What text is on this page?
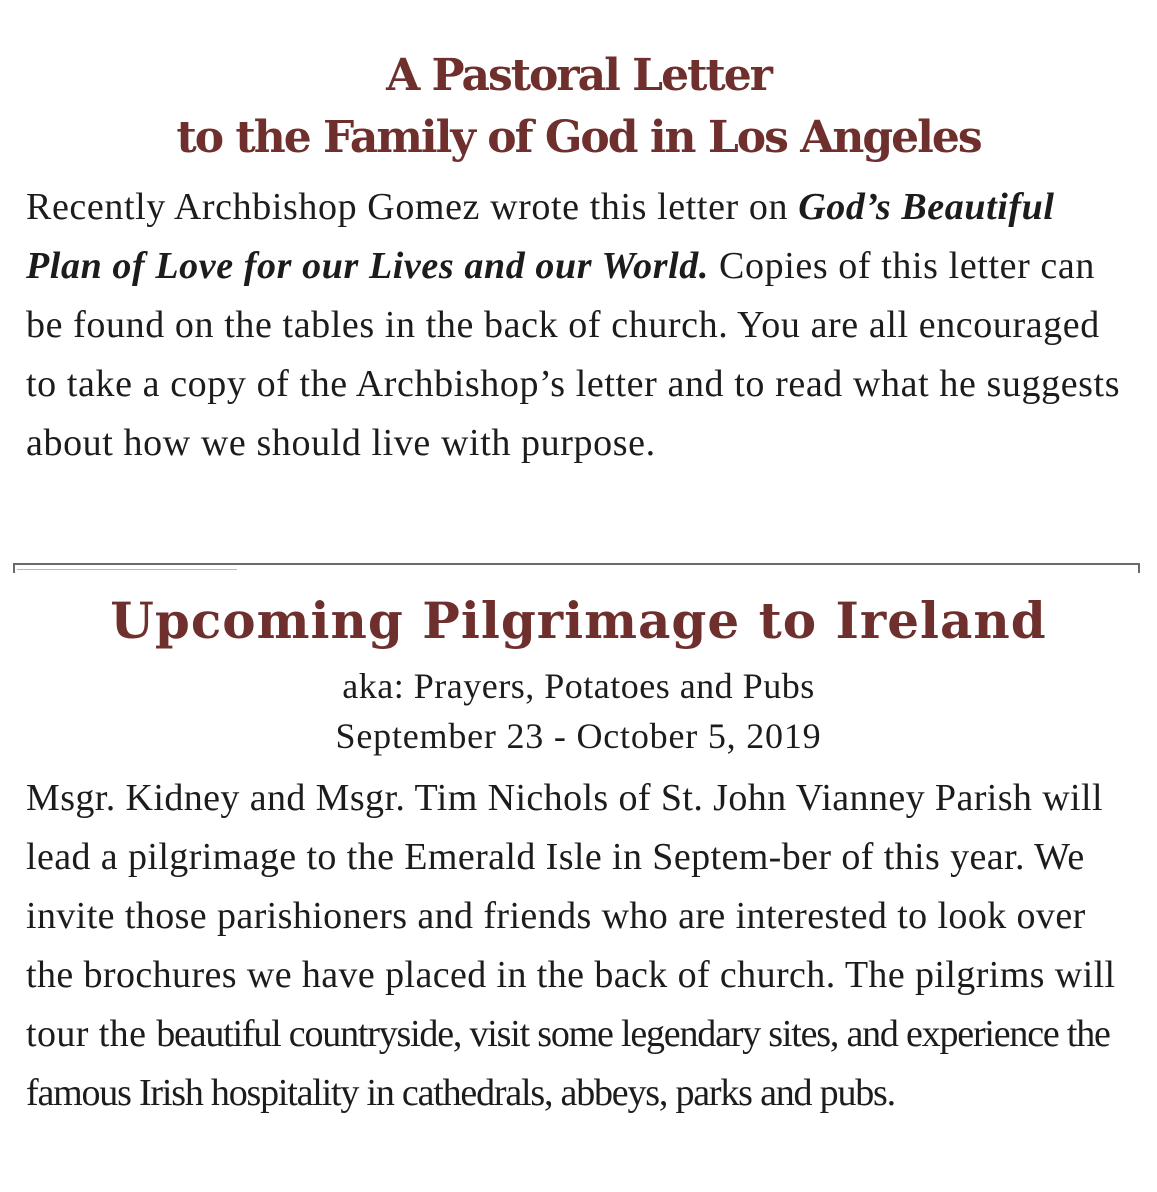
A Pastoral Letter
to the Family of God in Los Angeles

Recently Archbishop Gomez wrote this letter on God’s Beautiful Plan of Love for our Lives and our World. Copies of this letter can be found on the tables in the back of church. You are all encouraged to take a copy of the Archbishop’s letter and to read what he suggests about how we should live with purpose.

Upcoming Pilgrimage to Ireland

aka: Prayers, Potatoes and Pubs

September 23 - October 5, 2019

Msgr. Kidney and Msgr. Tim Nichols of St. John Vianney Parish will lead a pilgrimage to the Emerald Isle in Septem-ber of this year. We invite those parishioners and friends who are interested to look over the brochures we have placed in the back of church. The pilgrims will tour the beautiful countryside, visit some legendary sites, and experience the famous Irish hospitality in cathedrals, abbeys, parks and pubs.
